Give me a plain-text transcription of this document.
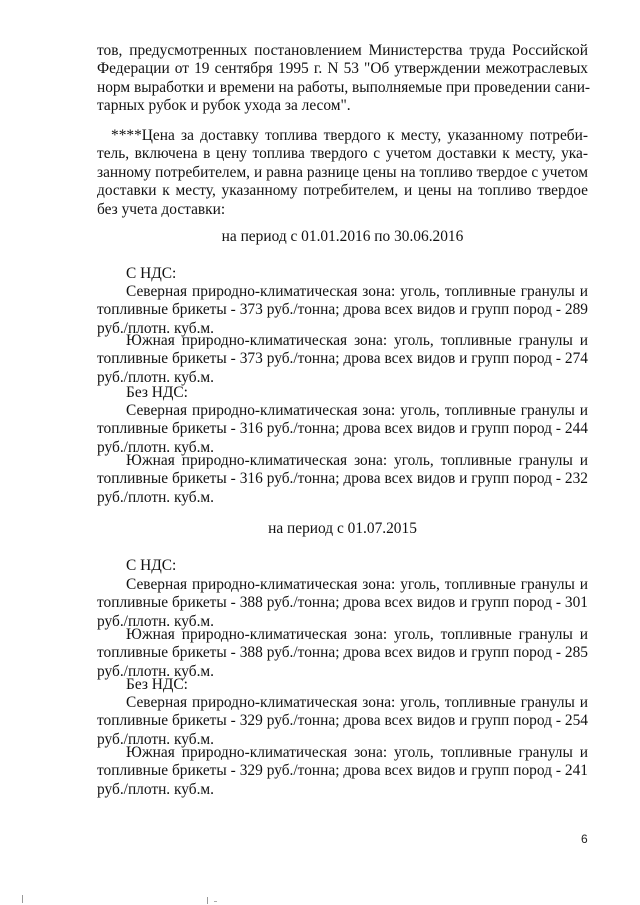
тов, предусмотренных постановлением Министерства труда Российской
Федерации от 19 сентября 1995 г. N 53 "Об утверждении межотраслевых
норм выработки и времени на работы, выполняемые при проведении сани-
тарных рубок и рубок ухода за лесом".
****Цена за доставку топлива твердого к месту, указанному потреби-
тель, включена в цену топлива твердого с учетом доставки к месту, ука-
занному потребителем, и равна разнице цены на топливо твердое с учетом
доставки к месту, указанному потребителем, и цены на топливо твердое
без учета доставки:
на период с 01.01.2016 по 30.06.2016
С НДС:
Северная природно-климатическая зона: уголь, топливные гранулы и
топливные брикеты - 373 руб./тонна; дрова всех видов и групп пород - 289
руб./плотн. куб.м.
Южная природно-климатическая зона: уголь, топливные гранулы и
топливные брикеты - 373 руб./тонна; дрова всех видов и групп пород - 274
руб./плотн. куб.м.
Без НДС:
Северная природно-климатическая зона: уголь, топливные гранулы и
топливные брикеты - 316 руб./тонна; дрова всех видов и групп пород - 244
руб./плотн. куб.м.
Южная природно-климатическая зона: уголь, топливные гранулы и
топливные брикеты - 316 руб./тонна; дрова всех видов и групп пород - 232
руб./плотн. куб.м.
на период с 01.07.2015
С НДС:
Северная природно-климатическая зона: уголь, топливные гранулы и
топливные брикеты - 388 руб./тонна; дрова всех видов и групп пород - 301
руб./плотн. куб.м.
Южная природно-климатическая зона: уголь, топливные гранулы и
топливные брикеты - 388 руб./тонна; дрова всех видов и групп пород - 285
руб./плотн. куб.м.
Без НДС:
Северная природно-климатическая зона: уголь, топливные гранулы и
топливные брикеты - 329 руб./тонна; дрова всех видов и групп пород - 254
руб./плотн. куб.м.
Южная природно-климатическая зона: уголь, топливные гранулы и
топливные брикеты - 329 руб./тонна; дрова всех видов и групп пород - 241
руб./плотн. куб.м.
6
